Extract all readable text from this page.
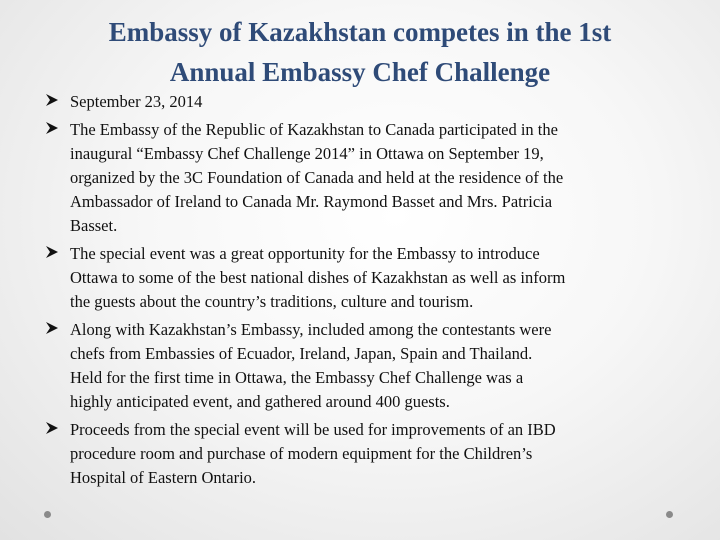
Embassy of Kazakhstan competes in the 1st
Annual Embassy Chef Challenge
September 23, 2014
The Embassy of the Republic of Kazakhstan to Canada participated in the
inaugural “Embassy Chef Challenge 2014” in Ottawa on September 19,
organized by the 3C Foundation of Canada and held at the residence of the
Ambassador of Ireland to Canada Mr. Raymond Basset and Mrs. Patricia
Basset.
The special event was a great opportunity for the Embassy to introduce
Ottawa to some of the best national dishes of Kazakhstan as well as inform
the guests about the country’s traditions, culture and tourism.
Along with Kazakhstan’s Embassy, included among the contestants were
chefs from Embassies of Ecuador, Ireland, Japan, Spain and Thailand.
Held for the first time in Ottawa, the Embassy Chef Challenge was a
highly anticipated event, and gathered around 400 guests.
Proceeds from the special event will be used for improvements of an IBD
procedure room and purchase of modern equipment for the Children’s
Hospital of Eastern Ontario.
